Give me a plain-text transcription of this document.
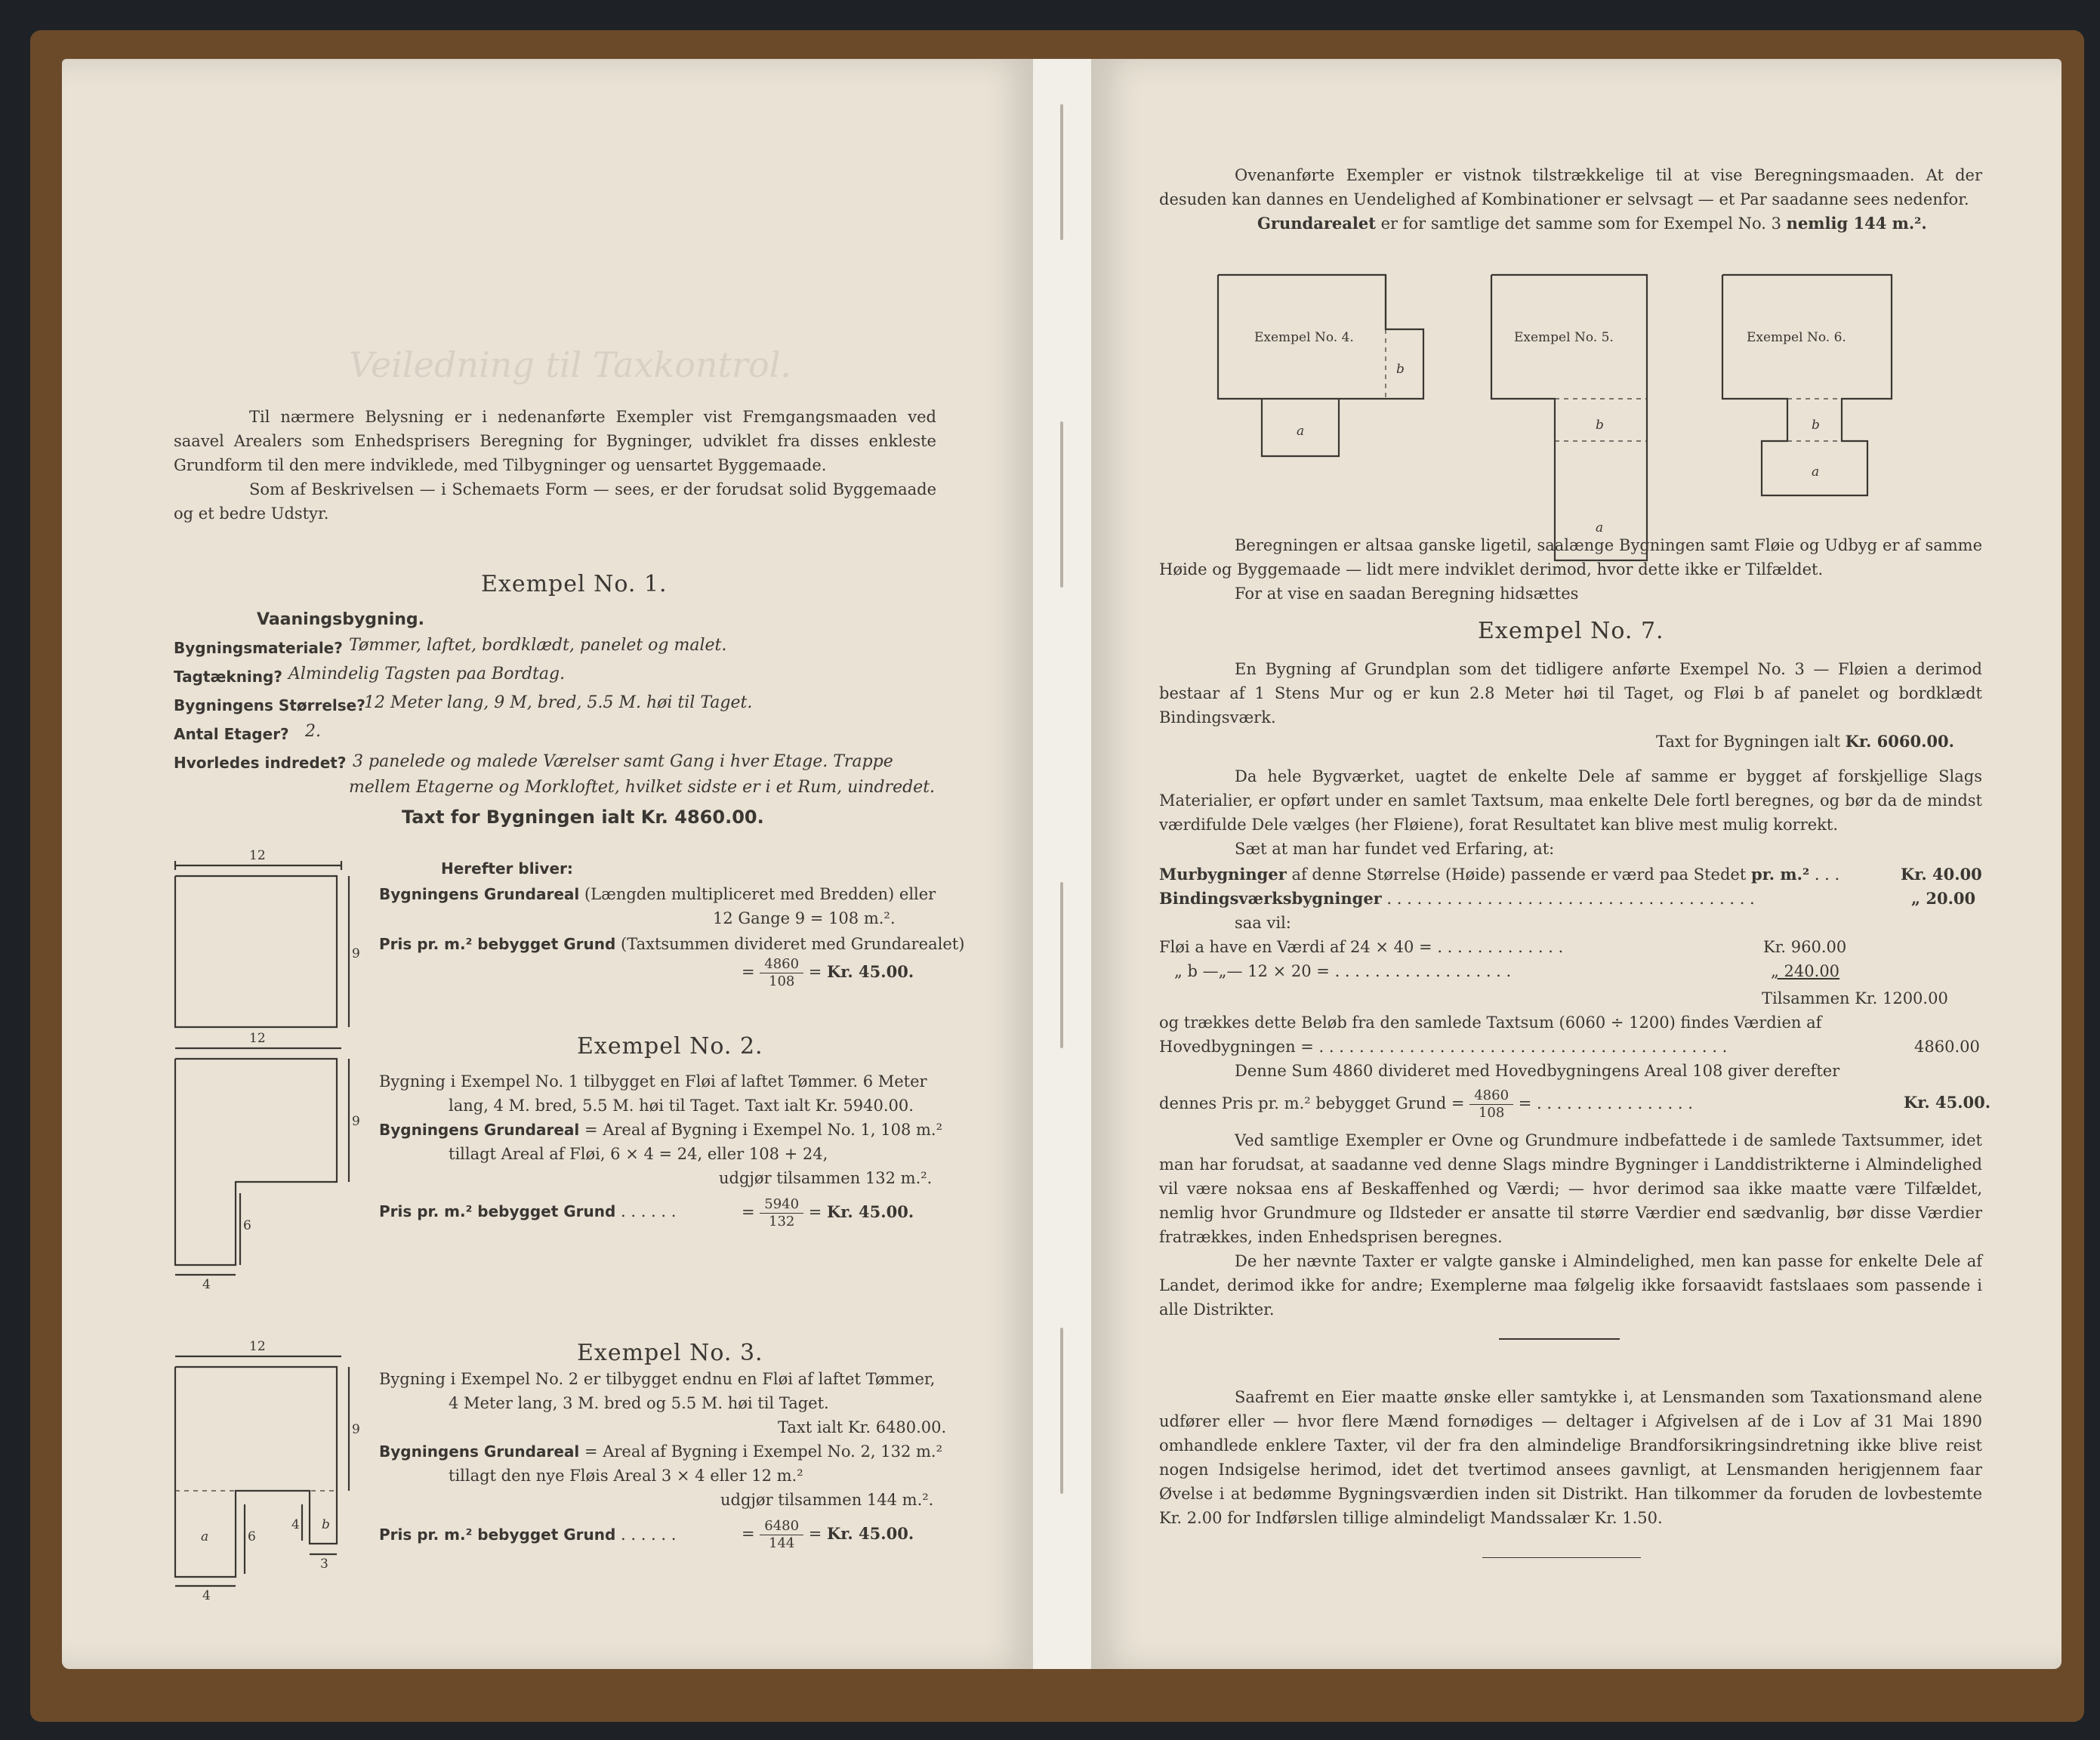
Veiledning til Taxkontrol.
Til nærmere Belysning er i nedenanførte Exempler vist Fremgangsmaaden ved saavel Arealers som Enhedsprisers Beregning for Bygninger, udviklet fra disses enkleste Grundform til den mere indviklede, med Tilbygninger og uensartet Byggemaade.
Som af Beskrivelsen — i Schemaets Form — sees, er der forudsat solid Byggemaade og et bedre Udstyr.
Exempel No. 1.
Vaaningsbygning.
Bygningsmateriale? Tømmer, laftet, bordklædt, panelet og malet.
Tagtækning? Almindelig Tagsten paa Bordtag.
Bygningens Størrelse?
12 Meter lang, 9 M, bred, 5.5 M. høi til Taget.
Antal Etager? 2.
Hvorledes indredet? 3 panelede og malede Værelser samt Gang i hver Etage. Trappe
mellem Etagerne og Morkloftet, hvilket sidste er i et Rum, uindredet.
Taxt for Bygningen ialt Kr. 4860.00.
12
9
Herefter bliver:
Bygningens Grundareal (Længden multipliceret med Bredden) eller
12 Gange 9 = 108 m.².
Pris pr. m.² bebygget Grund (Taxtsummen divideret med Grundarealet)
= $\frac{4860}{108} = Kr$. 45.00.
Exempel No. 2.
12
9
6
4
Bygning i Exempel No. 1 tilbygget en Fløi af laftet Tømmer. 6 Meter
lang, 4 M. bred, 5.5 M. høi til Taget. Taxt ialt Kr. 5940.00.
Bygningens Grundareal = Areal af Bygning i Exempel No. 1, 108 m.²
tillagt Areal af Fløi, 6 × 4 = 24, eller 108 + 24,
udgjør tilsammen 132 m.².
Pris pr. m.² bebygget Grund . . . . . .	= $\frac{5940}{132} = Kr$. 45.00.
Exempel No. 3.
12
9
6
4
a
b
3
4
Bygning i Exempel No. 2 er tilbygget endnu en Fløi af laftet Tømmer,
4 Meter lang, 3 M. bred og 5.5 M. høi til Taget.
Taxt ialt Kr. 6480.00.
Bygningens Grundareal = Areal af Bygning i Exempel No. 2, 132 m.²
tillagt den nye Fløis Areal 3 × 4 eller 12 m.²
udgjør tilsammen 144 m.².
Pris pr. m.² bebygget Grund . . . . . .	= $\frac{6480}{144} = Kr$. 45.00.
Ovenanførte Exempler er vistnok tilstrækkelige til at vise Beregningsmaaden. At der desuden kan dannes en Uendelighed af Kombinationer er selvsagt — et Par saadanne sees nedenfor.
Grundarealet er for samtlige det samme som for Exempel No. 3 nemlig 144 m.².
Exempel No. 4.
b
a
Exempel No. 5.
b
a
Exempel No. 6.
b
a
Beregningen er altsaa ganske ligetil, saalænge Bygningen samt Fløie og Udbyg er af samme Høide og Byggemaade — lidt mere indviklet derimod, hvor dette ikke er Tilfældet.
For at vise en saadan Beregning hidsættes
Exempel No. 7.
En Bygning af Grundplan som det tidligere anførte Exempel No. 3 — Fløien a derimod bestaar af 1 Stens Mur og er kun 2.8 Meter høi til Taget, og Fløi b af panelet og bordklædt Bindingsværk.
Taxt for Bygningen ialt Kr. 6060.00.
Da hele Bygværket, uagtet de enkelte Dele af samme er bygget af forskjellige Slags Materialier, er opført under en samlet Taxtsum, maa enkelte Dele fortl beregnes, og bør da de mindst værdifulde Dele vælges (her Fløiene), forat Resultatet kan blive mest mulig korrekt.
Sæt at man har fundet ved Erfaring, at:
Murbygninger af denne Størrelse (Høide) passende er værd paa Stedet pr. m.² . . .	Kr. 40.00
Bindingsværksbygninger . . . . . . . . . . . . . . . . . . . . . . . . . . . . . . . . . . . . .	„ 20.00
saa vil:
Fløi a have en Værdi af 24 × 40 = . . . . . . . . . . . . .	Kr. 960.00
„ b —„— 12 × 20 = . . . . . . . . . . . . . . . . . .	„ 240.00
Tilsammen Kr. 1200.00
og trækkes dette Beløb fra den samlede Taxtsum (6060 ÷ 1200) findes Værdien af
Hovedbygningen = . . . . . . . . . . . . . . . . . . . . . . . . . . . . . . . . . . . . . . . . .	4860.00
Denne Sum 4860 divideret med Hovedbygningens Areal 108 giver derefter
dennes Pris pr. m.² bebygget Grund = $\frac{4860}{108}$ = . . . . . . . . . . . . . . . .	Kr. 45.00.
Ved samtlige Exempler er Ovne og Grundmure indbefattede i de samlede Taxtsummer, idet man har forudsat, at saadanne ved denne Slags mindre Bygninger i Landdistrikterne i Almindelighed vil være noksaa ens af Beskaffenhed og Værdi; — hvor derimod saa ikke maatte være Tilfældet, nemlig hvor Grundmure og Ildsteder er ansatte til større Værdier end sædvanlig, bør disse Værdier fratrækkes, inden Enhedsprisen beregnes.
De her nævnte Taxter er valgte ganske i Almindelighed, men kan passe for enkelte Dele af Landet, derimod ikke for andre; Exemplerne maa følgelig ikke forsaavidt fastslaaes som passende i alle Distrikter.
Saafremt en Eier maatte ønske eller samtykke i, at Lensmanden som Taxationsmand alene udfører eller — hvor flere Mænd fornødiges — deltager i Afgivelsen af de i Lov af 31 Mai 1890 omhandlede enklere Taxter, vil der fra den almindelige Brandforsikringsindretning ikke blive reist nogen Indsigelse herimod, idet det tvertimod ansees gavnligt, at Lensmanden herigjennem faar Øvelse i at bedømme Bygningsværdien inden sit Distrikt. Han tilkommer da foruden de lovbestemte Kr. 2.00 for Indførslen tillige almindeligt Mandssalær Kr. 1.50.
